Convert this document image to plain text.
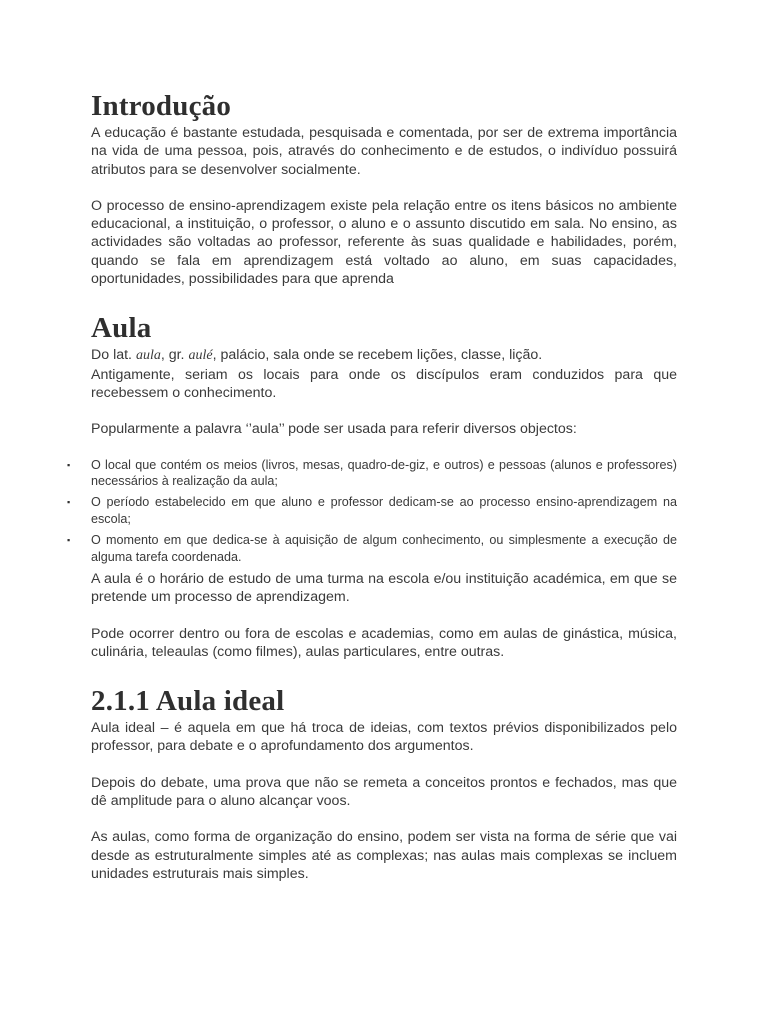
Introdução

A educação é bastante estudada, pesquisada e comentada, por ser de extrema importância na vida de uma pessoa, pois, através do conhecimento e de estudos, o indivíduo possuirá atributos para se desenvolver socialmente.

O processo de ensino-aprendizagem existe pela relação entre os itens básicos no ambiente educacional, a instituição, o professor, o aluno e o assunto discutido em sala. No ensino, as actividades são voltadas ao professor, referente às suas qualidade e habilidades, porém, quando se fala em aprendizagem está voltado ao aluno, em suas capacidades, oportunidades, possibilidades para que aprenda

Aula

Do lat. aula, gr. aulé, palácio, sala onde se recebem lições, classe, lição.

Antigamente, seriam os locais para onde os discípulos eram conduzidos para que recebessem o conhecimento.

Popularmente a palavra ‘’aula’’ pode ser usada para referir diversos objectos:

▪ O local que contém os meios (livros, mesas, quadro-de-giz, e outros) e pessoas (alunos e professores) necessários à realização da aula;
▪ O período estabelecido em que aluno e professor dedicam-se ao processo ensino-aprendizagem na escola;
▪ O momento em que dedica-se à aquisição de algum conhecimento, ou simplesmente a execução de alguma tarefa coordenada.

A aula é o horário de estudo de uma turma na escola e/ou instituição académica, em que se pretende um processo de aprendizagem.

Pode ocorrer dentro ou fora de escolas e academias, como em aulas de ginástica, música, culinária, teleaulas (como filmes), aulas particulares, entre outras.

2.1.1 Aula ideal

Aula ideal – é aquela em que há troca de ideias, com textos prévios disponibilizados pelo professor, para debate e o aprofundamento dos argumentos.

Depois do debate, uma prova que não se remeta a conceitos prontos e fechados, mas que dê amplitude para o aluno alcançar voos.

As aulas, como forma de organização do ensino, podem ser vista na forma de série que vai desde as estruturalmente simples até as complexas; nas aulas mais complexas se incluem unidades estruturais mais simples.
